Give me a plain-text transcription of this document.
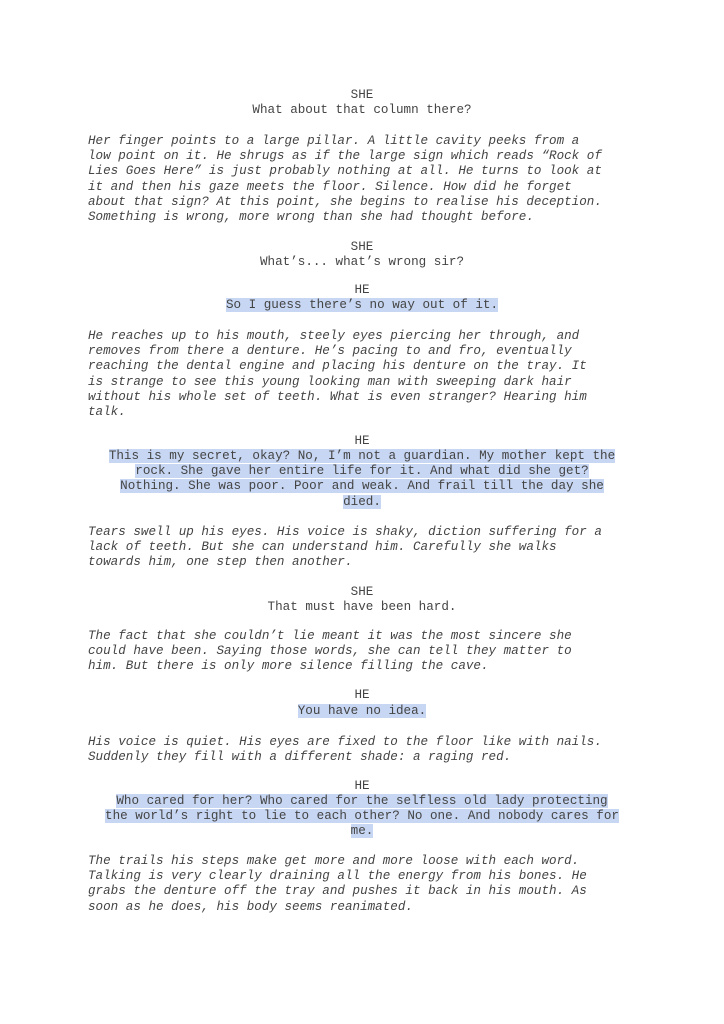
SHE
What about that column there?
Her finger points to a large pillar. A little cavity peeks from a
low point on it. He shrugs as if the large sign which reads “Rock of
Lies Goes Here” is just probably nothing at all. He turns to look at
it and then his gaze meets the floor. Silence. How did he forget
about that sign? At this point, she begins to realise his deception.
Something is wrong, more wrong than she had thought before.
SHE
What’s... what’s wrong sir?
HE
So I guess there’s no way out of it.
He reaches up to his mouth, steely eyes piercing her through, and
removes from there a denture. He’s pacing to and fro, eventually
reaching the dental engine and placing his denture on the tray. It
is strange to see this young looking man with sweeping dark hair
without his whole set of teeth. What is even stranger? Hearing him
talk.
HE
This is my secret, okay? No, I’m not a guardian. My mother kept the
rock. She gave her entire life for it. And what did she get?
Nothing. She was poor. Poor and weak. And frail till the day she
died.
Tears swell up his eyes. His voice is shaky, diction suffering for a
lack of teeth. But she can understand him. Carefully she walks
towards him, one step then another.
SHE
That must have been hard.
The fact that she couldn’t lie meant it was the most sincere she
could have been. Saying those words, she can tell they matter to
him. But there is only more silence filling the cave.
HE
You have no idea.
His voice is quiet. His eyes are fixed to the floor like with nails.
Suddenly they fill with a different shade: a raging red.
HE
Who cared for her? Who cared for the selfless old lady protecting
the world’s right to lie to each other? No one. And nobody cares for
me.
The trails his steps make get more and more loose with each word.
Talking is very clearly draining all the energy from his bones. He
grabs the denture off the tray and pushes it back in his mouth. As
soon as he does, his body seems reanimated.
